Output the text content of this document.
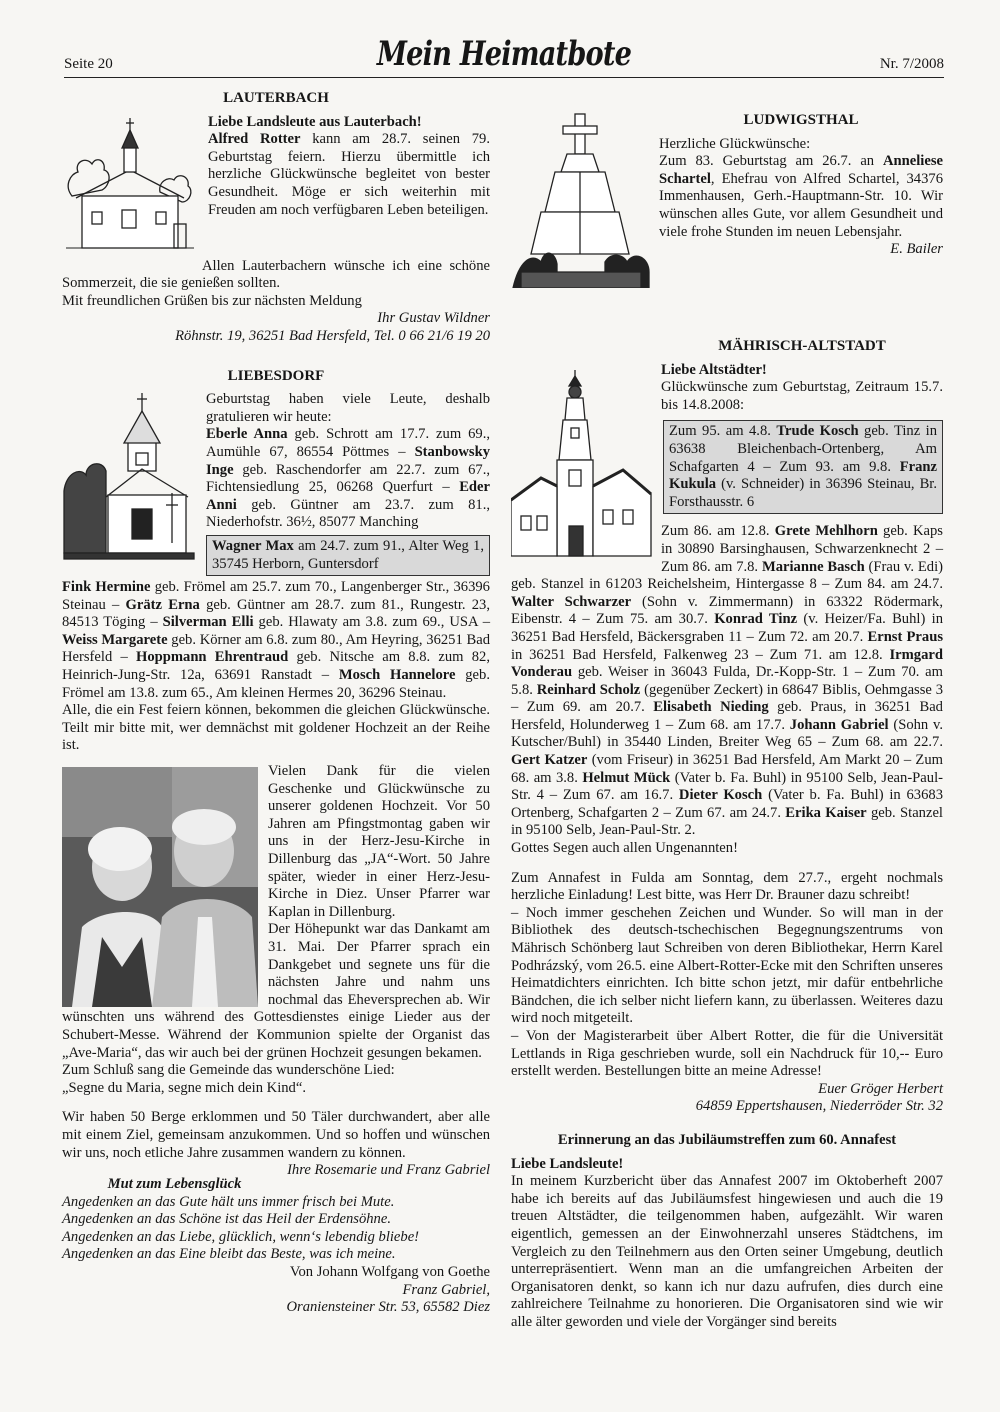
Seite 20	Mein Heimatbote	Nr. 7/2008
LAUTERBACH

Liebe Landsleute aus Lauterbach!

Alfred Rotter kann am 28.7. seinen 79. Geburtstag feiern. Hierzu übermittle ich herzliche Glückwünsche begleitet von bester Gesundheit. Möge er sich weiterhin mit Freuden am noch verfügbaren Leben beteiligen.

Allen Lauterbachern wünsche ich eine schöne Sommerzeit, die sie genießen sollten.

Mit freundlichen Grüßen bis zur nächsten Meldung

Ihr Gustav Wildner

Röhnstr. 19, 36251 Bad Hersfeld, Tel. 0 66 21/6 19 20

LIEBESDORF

Geburtstag haben viele Leute, deshalb gratulieren wir heute:

Eberle Anna geb. Schrott am 17.7. zum 69., Aumühle 67, 86554 Pöttmes – Stanbowsky Inge geb. Raschendorfer am 22.7. zum 67., Fichtensiedlung 25, 06268 Querfurt – Eder Anni geb. Güntner am 23.7. zum 81., Niederhofstr. 36½, 85077 Manching

Wagner Max am 24.7. zum 91., Alter Weg 1, 35745 Herborn, Guntersdorf

Fink Hermine geb. Frömel am 25.7. zum 70., Langenberger Str., 36396 Steinau – Grätz Erna geb. Güntner am 28.7. zum 81., Rungestr. 23, 84513 Töging – Silverman Elli geb. Hlawaty am 3.8. zum 69., USA – Weiss Margarete geb. Körner am 6.8. zum 80., Am Heyring, 36251 Bad Hersfeld – Hoppmann Ehrentraud geb. Nitsche am 8.8. zum 82, Heinrich-Jung-Str. 12a, 63691 Ranstadt – Mosch Hannelore geb. Frömel am 13.8. zum 65., Am kleinen Hermes 20, 36296 Steinau.

Alle, die ein Fest feiern können, bekommen die gleichen Glückwünsche. Teilt mir bitte mit, wer demnächst mit goldener Hochzeit an der Reihe ist.

Vielen Dank für die vielen Geschenke und Glückwünsche zu unserer goldenen Hochzeit. Vor 50 Jahren am Pfingstmontag gaben wir uns in der Herz-Jesu-Kirche in Dillenburg das „JA“-Wort. 50 Jahre später, wieder in einer Herz-Jesu-Kirche in Diez. Unser Pfarrer war Kaplan in Dillenburg.

Der Höhepunkt war das Dankamt am 31. Mai. Der Pfarrer sprach ein Dankgebet und segnete uns für die nächsten Jahre und nahm uns nochmal das Eheversprechen ab. Wir wünschten uns während des Gottesdienstes einige Lieder aus der Schubert-Messe. Während der Kommunion spielte der Organist das „Ave-Maria“, das wir auch bei der grünen Hochzeit gesungen bekamen.

Zum Schluß sang die Gemeinde das wunderschöne Lied:

„Segne du Maria, segne mich dein Kind“.

Wir haben 50 Berge erklommen und 50 Täler durchwandert, aber alle mit einem Ziel, gemeinsam anzukommen. Und so hoffen und wünschen wir uns, noch etliche Jahre zusammen wandern zu können.
Ihre Rosemarie und Franz Gabriel

Mut zum Lebensglück

Angedenken an das Gute hält uns immer frisch bei Mute.

Angedenken an das Schöne ist das Heil der Erdensöhne.

Angedenken an das Liebe, glücklich, wenn‘s lebendig bliebe!

Angedenken an das Eine bleibt das Beste, was ich meine.

Von Johann Wolfgang von Goethe

Franz Gabriel,

Oraniensteiner Str. 53, 65582 Diez

LUDWIGSTHAL

Herzliche Glückwünsche:

Zum 83. Geburtstag am 26.7. an Anneliese Schartel, Ehefrau von Alfred Schartel, 34376 Immenhausen, Gerh.-Hauptmann-Str. 10. Wir wünschen alles Gute, vor allem Gesundheit und viele frohe Stunden im neuen Lebensjahr.
E. Bailer

MÄHRISCH-ALTSTADT

Liebe Altstädter!

Glückwünsche zum Geburtstag, Zeitraum 15.7. bis 14.8.2008:

Zum 95. am 4.8. Trude Kosch geb. Tinz in 63638 Bleichenbach-Ortenberg, Am Schafgarten 4 – Zum 93. am 9.8. Franz Kukula (v. Schneider) in 36396 Steinau, Br. Forsthausstr. 6

Zum 86. am 12.8. Grete Mehlhorn geb. Kaps in 30890 Barsinghausen, Schwarzenknecht 2 – Zum 86. am 7.8. Marianne Basch (Frau v. Edi) geb. Stanzel in 61203 Reichelsheim, Hintergasse 8 – Zum 84. am 24.7. Walter Schwarzer (Sohn v. Zimmermann) in 63322 Rödermark, Eibenstr. 4 – Zum 75. am 30.7. Konrad Tinz (v. Heizer/Fa. Buhl) in 36251 Bad Hersfeld, Bäckersgraben 11 – Zum 72. am 20.7. Ernst Praus in 36251 Bad Hersfeld, Falkenweg 23 – Zum 71. am 12.8. Irmgard Vonderau geb. Weiser in 36043 Fulda, Dr.-Kopp-Str. 1 – Zum 70. am 5.8. Reinhard Scholz (gegenüber Zeckert) in 68647 Biblis, Oehmgasse 3 – Zum 69. am 20.7. Elisabeth Nieding geb. Praus, in 36251 Bad Hersfeld, Holunderweg 1 – Zum 68. am 17.7. Johann Gabriel (Sohn v. Kutscher/Buhl) in 35440 Linden, Breiter Weg 65 – Zum 68. am 22.7. Gert Katzer (vom Friseur) in 36251 Bad Hersfeld, Am Markt 20 – Zum 68. am 3.8. Helmut Mück (Vater b. Fa. Buhl) in 95100 Selb, Jean-Paul-Str. 4 – Zum 67. am 16.7. Dieter Kosch (Vater b. Fa. Buhl) in 63683 Ortenberg, Schafgarten 2 – Zum 67. am 24.7. Erika Kaiser geb. Stanzel in 95100 Selb, Jean-Paul-Str. 2.

Gottes Segen auch allen Ungenannten!

Zum Annafest in Fulda am Sonntag, dem 27.7., ergeht nochmals herzliche Einladung! Lest bitte, was Herr Dr. Brauner dazu schreibt!

– Noch immer geschehen Zeichen und Wunder. So will man in der Bibliothek des deutsch-tschechischen Begegnungszentrums von Mährisch Schönberg laut Schreiben von deren Bibliothekar, Herrn Karel Podhrázský, vom 26.5. eine Albert-Rotter-Ecke mit den Schriften unseres Heimatdichters einrichten. Ich bitte schon jetzt, mir dafür entbehrliche Bändchen, die ich selber nicht liefern kann, zu überlassen. Weiteres dazu wird noch mitgeteilt.

– Von der Magisterarbeit über Albert Rotter, die für die Universität Lettlands in Riga geschrieben wurde, soll ein Nachdruck für 10,-- Euro erstellt werden. Bestellungen bitte an meine Adresse!

Euer Gröger Herbert

64859 Eppertshausen, Niederröder Str. 32

Erinnerung an das Jubiläumstreffen zum 60. Annafest

Liebe Landsleute!

In meinem Kurzbericht über das Annafest 2007 im Oktoberheft 2007 habe ich bereits auf das Jubiläumsfest hingewiesen und auch die 19 treuen Altstädter, die teilgenommen haben, aufgezählt. Wir waren eigentlich, gemessen an der Einwohnerzahl unseres Städtchens, im Vergleich zu den Teilnehmern aus den Orten seiner Umgebung, deutlich unterrepräsentiert. Wenn man an die umfangreichen Arbeiten der Organisatoren denkt, so kann ich nur dazu aufrufen, dies durch eine zahlreichere Teilnahme zu honorieren. Die Organisatoren sind wie wir alle älter geworden und viele der Vorgänger sind bereits
